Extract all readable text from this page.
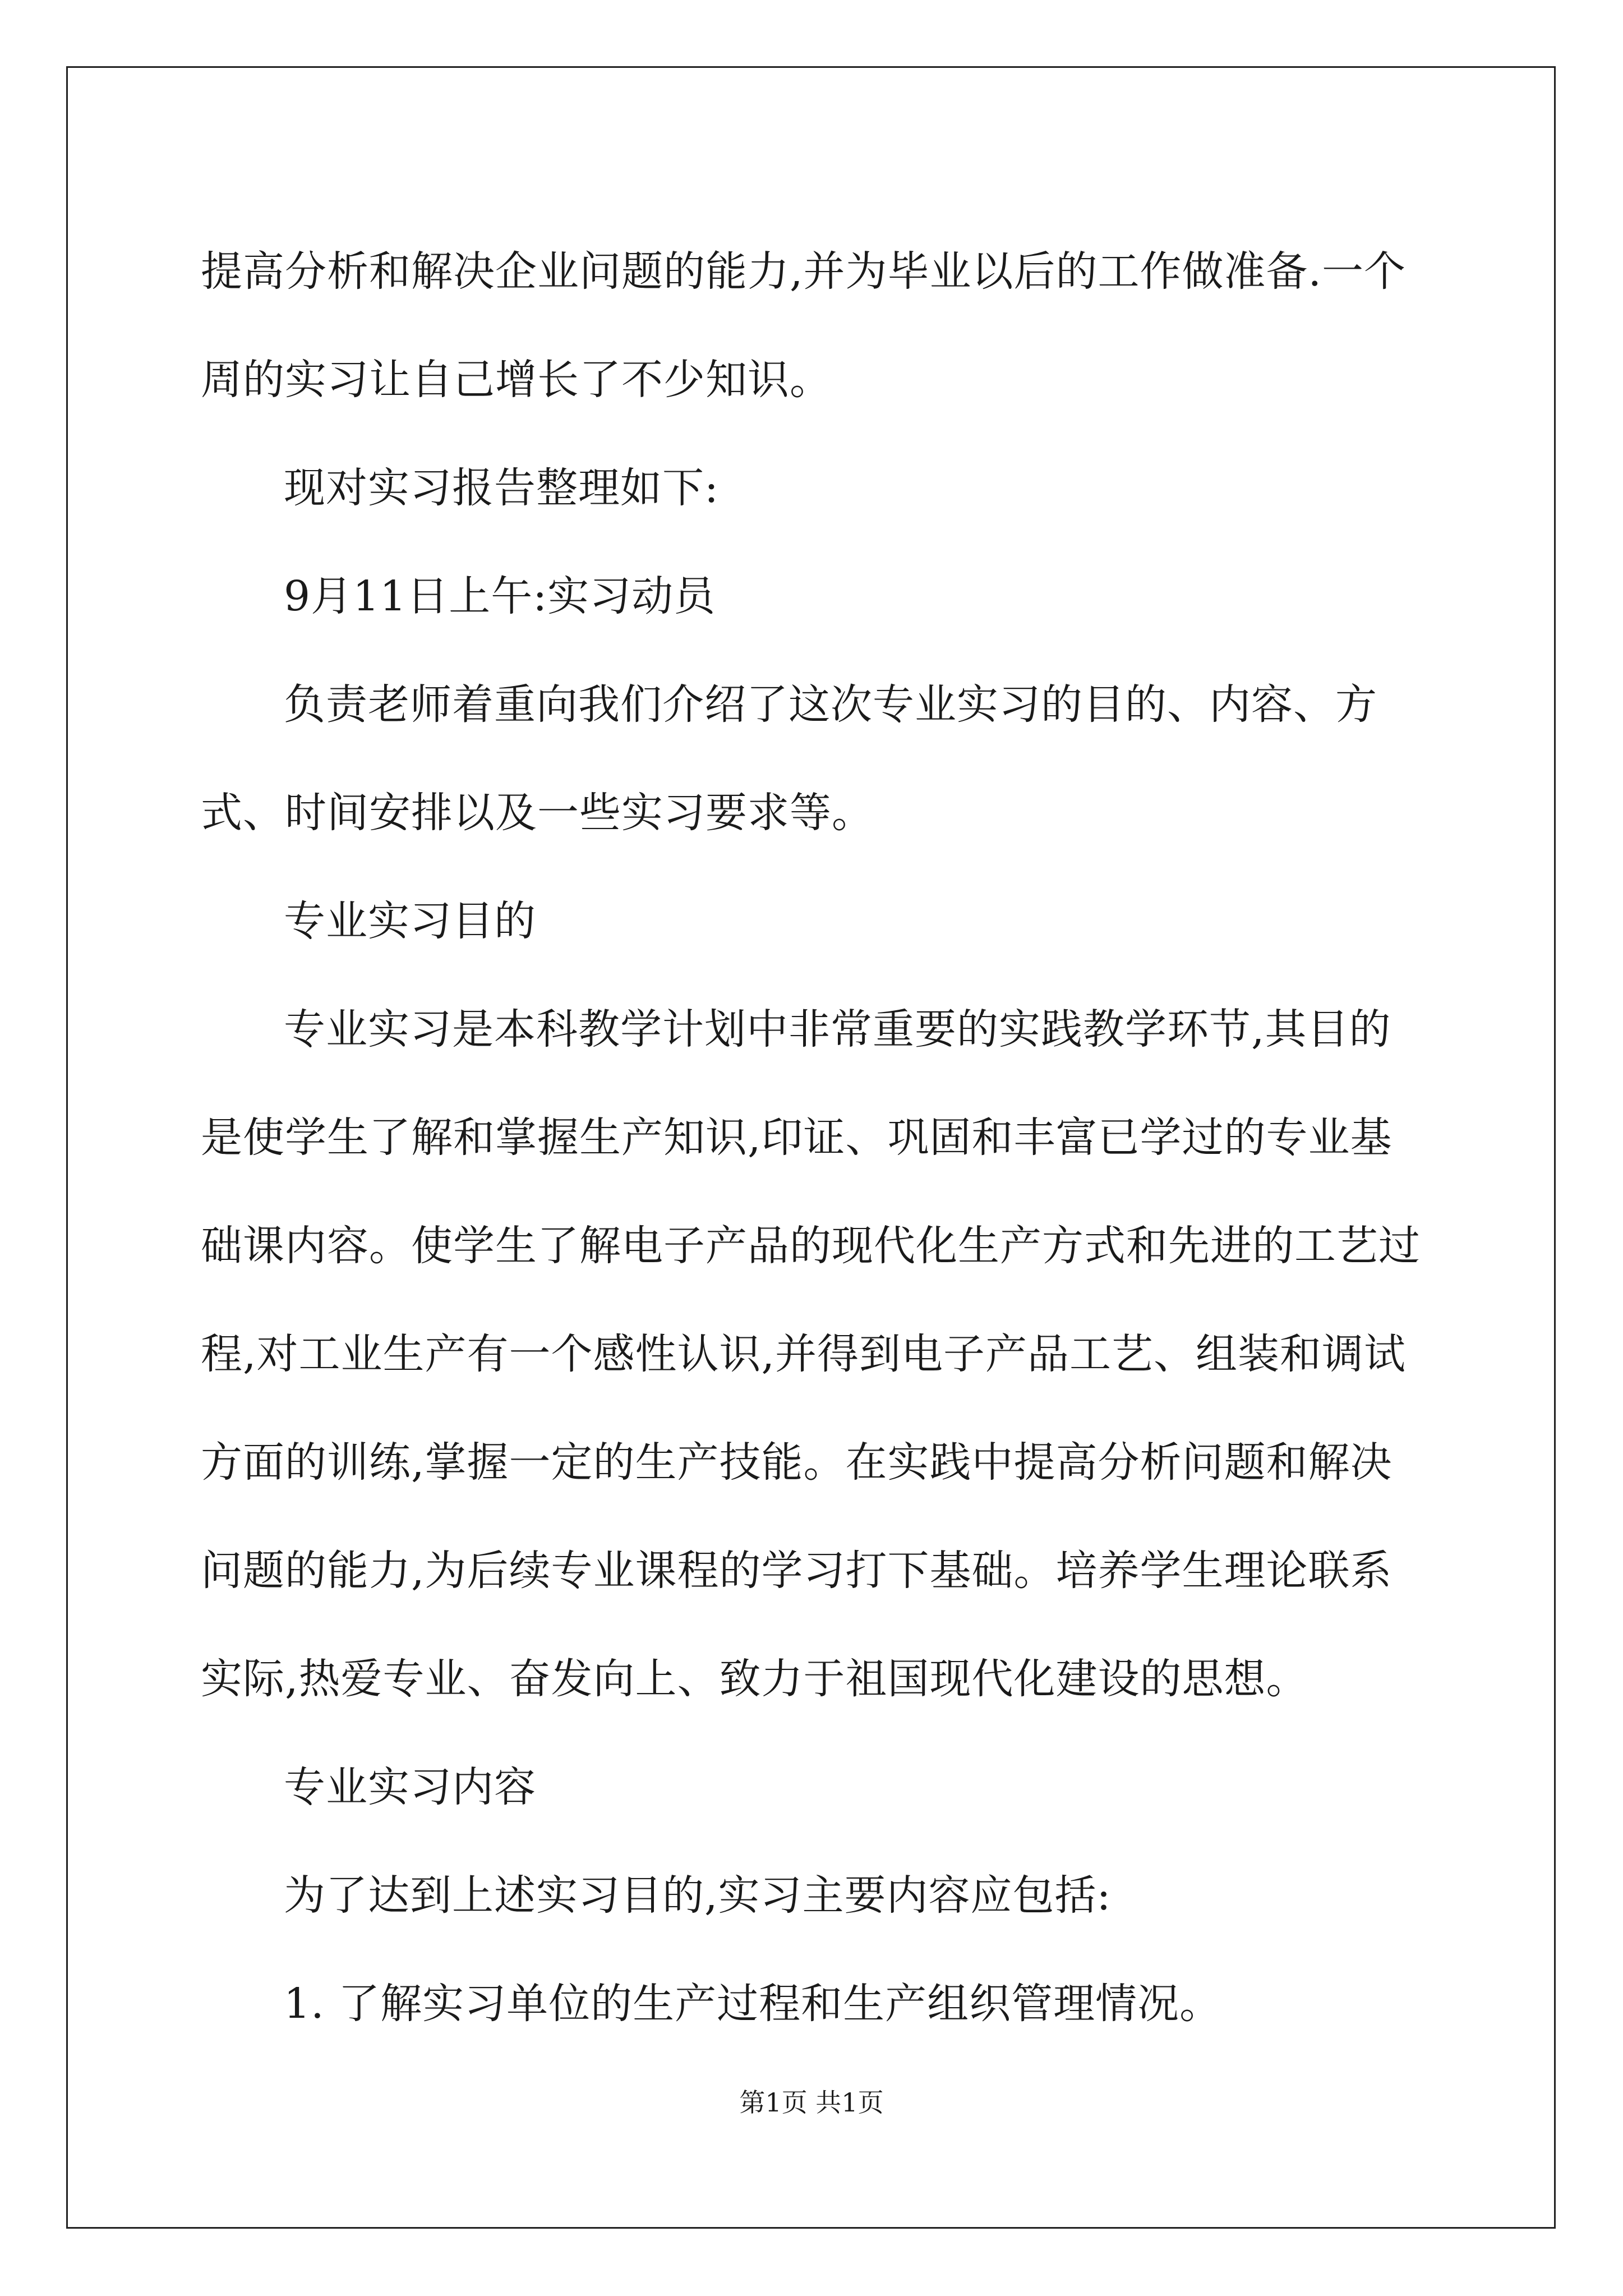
提高分析和解决企业问题的能力,并为毕业以后的工作做准备.一个周的实习让自己增长了不少知识。

现对实习报告整理如下:

9月11日上午:实习动员

负责老师着重向我们介绍了这次专业实习的目的、内容、方式、时间安排以及一些实习要求等。

专业实习目的

专业实习是本科教学计划中非常重要的实践教学环节,其目的是使学生了解和掌握生产知识,印证、巩固和丰富已学过的专业基础课内容。使学生了解电子产品的现代化生产方式和先进的工艺过程,对工业生产有一个感性认识,并得到电子产品工艺、组装和调试方面的训练,掌握一定的生产技能。在实践中提高分析问题和解决问题的能力,为后续专业课程的学习打下基础。培养学生理论联系实际,热爱专业、奋发向上、致力于祖国现代化建设的思想。

专业实习内容

为了达到上述实习目的,实习主要内容应包括:

1. 了解实习单位的生产过程和生产组织管理情况。

第1页 共1页
